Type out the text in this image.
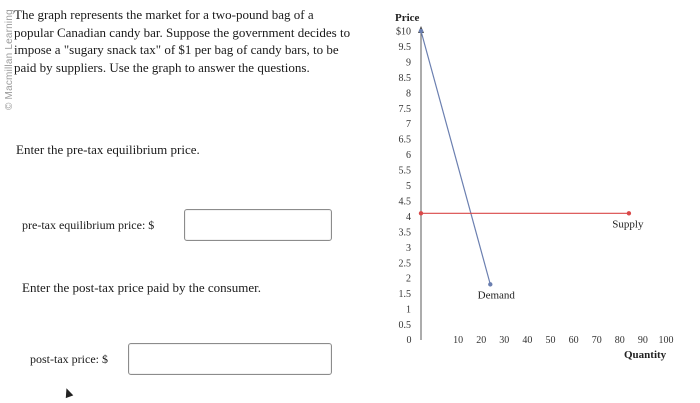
© Macmillan Learning The graph represents the market for a two-pound bag of a popular Canadian candy bar. Suppose the government decides to impose a "sugary snack tax" of $1 per bag of candy bars, to be paid by suppliers. Use the graph to answer the questions.
Enter the pre-tax equilibrium price.
pre-tax equilibrium price: $
Enter the post-tax price paid by the consumer.
post-tax price: $
0.5
1
1.5
2
2.5
3
3.5
4
4.5
5
5.5
6
6.5
7
7.5
8
8.5
9
9.5
$10
0	10 20 30 40 50 60 70 80 90 100
Demand
Supply
Price
Quantity
